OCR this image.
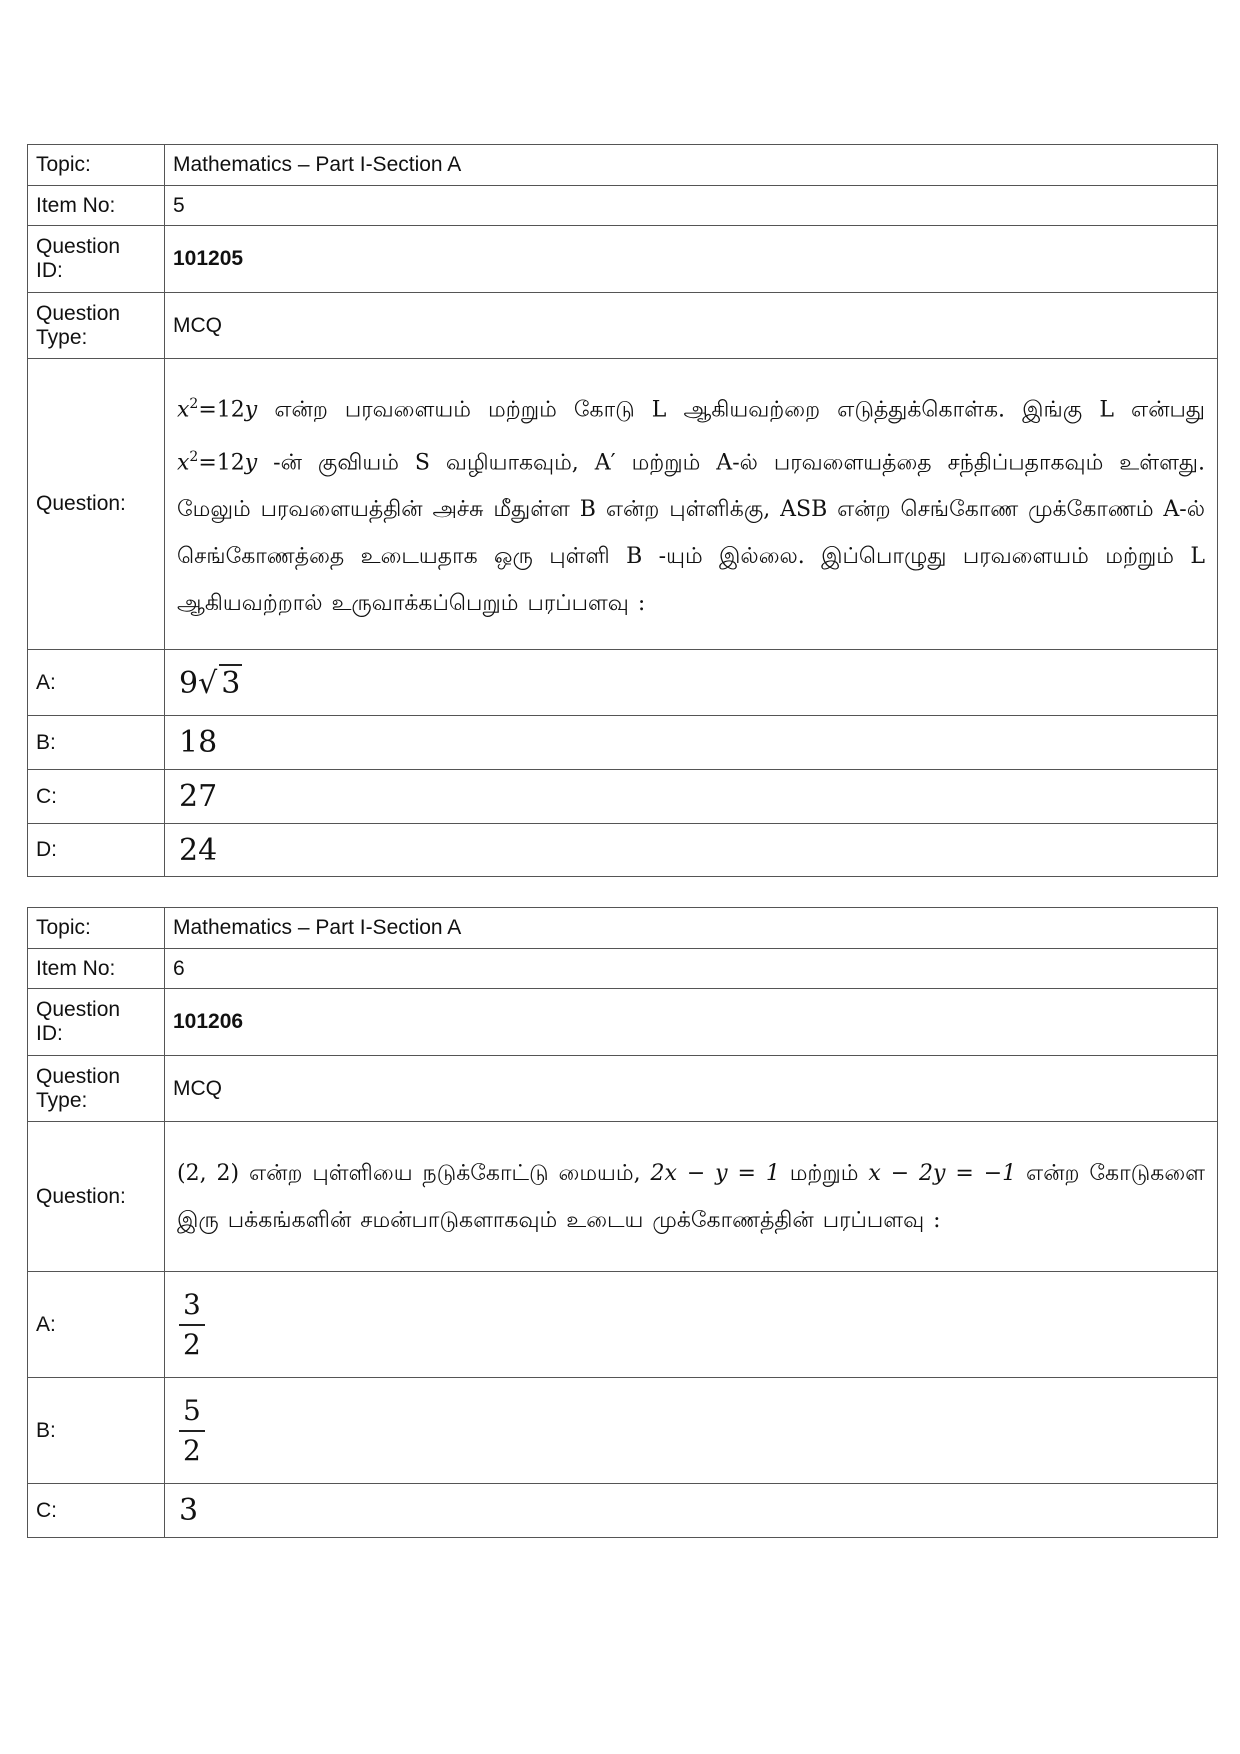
Topic:	Mathematics – Part I-Section A
Item No:	5
Question
ID:	101205
Question
Type:	MCQ
Question:	$x^2=12y$ என்ற பரவளையம் மற்றும் கோடு L ஆகியவற்றை எடுத்துக்கொள்க. இங்கு L என்பது $x^2=12y$ -ன் குவியம் S வழியாகவும், A′ மற்றும் A-ல் பரவளையத்தை சந்திப்பதாகவும் உள்ளது. மேலும் பரவளையத்தின் அச்சு மீதுள்ள B என்ற புள்ளிக்கு, ASB என்ற செங்கோண முக்கோணம் A-ல் செங்கோணத்தை உடையதாக ஒரு புள்ளி B -யும் இல்லை. இப்பொழுது பரவளையம் மற்றும் L ஆகியவற்றால் உருவாக்கப்பெறும் பரப்பளவு :

A:	9√ 3
B:	18
C:	27
D:	24
Topic:	Mathematics – Part I-Section A
Item No:	6
Question
ID:	101206
Question
Type:	MCQ
Question:	(2, 2) என்ற புள்ளியை நடுக்கோட்டு மையம், 2x − y = 1 மற்றும் x − 2y = −1 என்ற கோடுகளை இரு பக்கங்களின் சமன்பாடுகளாகவும் உடைய முக்கோணத்தின் பரப்பளவு :

A:	$\frac{3}{2}$

B:	$\frac{5}{2}$

C:	3
